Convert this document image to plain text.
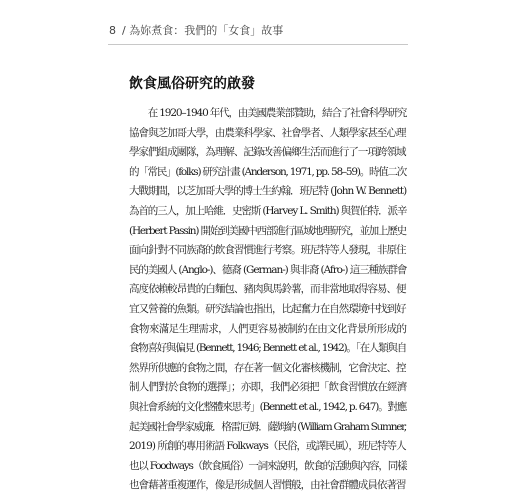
8 / 為妳煮食：我們的「女食」故事
飲食風俗研究的啟發
　　在 1920–1940 年代，由美國農業部贊助，結合了社會科學研究
協會與芝加哥大學，由農業科學家、社會學者、人類學家甚至心理
學家們組成團隊，為理解、記錄改善偏鄉生活而進行了一項跨領域
的「常民」(folks) 研究計畫 (Anderson, 1971, pp. 58–59)。時值二次
大戰期間，以芝加哥大學的博士生約翰．班尼特 (John W. Bennett)
為首的三人，加上哈維．史密斯 (Harvey L. Smith) 與賀伯特．派辛
(Herbert Passin) 開始到美國中西部進行區域地理研究，並加上歷史
面向針對不同族裔的飲食習慣進行考察。班尼特等人發現，非原住
民的美國人 (Anglo-)、德裔 (German-) 與非裔 (Afro-) 這三種族群會
高度依賴較昂貴的白麵包、豬肉與馬鈴薯，而非當地取得容易、便
宜又營養的魚類。研究結論也指出，比起奮力在自然環境中找到好
食物來滿足生理需求，人們更容易被制約在由文化背景所形成的
食物喜好與偏見 (Bennett, 1946; Bennett et al., 1942)。「在人類與自
然界所供應的食物之間，存在著一個文化審核機制，它會決定、控
制人們對於食物的選擇」；亦即，我們必須把「飲食習慣放在經濟
與社會系統的文化整體來思考」(Bennett et al., 1942, p. 647)。對應
起美國社會學家威廉．格雷厄姆．薩姆納 (William Graham Sumner,
2019) 所創的專用術語 Folkways（民俗，或譯民風），班尼特等人
也以 Foodways（飲食風俗）一詞來說明，飲食的活動與內容，同樣
也會藉著重複運作，像是形成個人習慣般，由社會群體成員依著習
